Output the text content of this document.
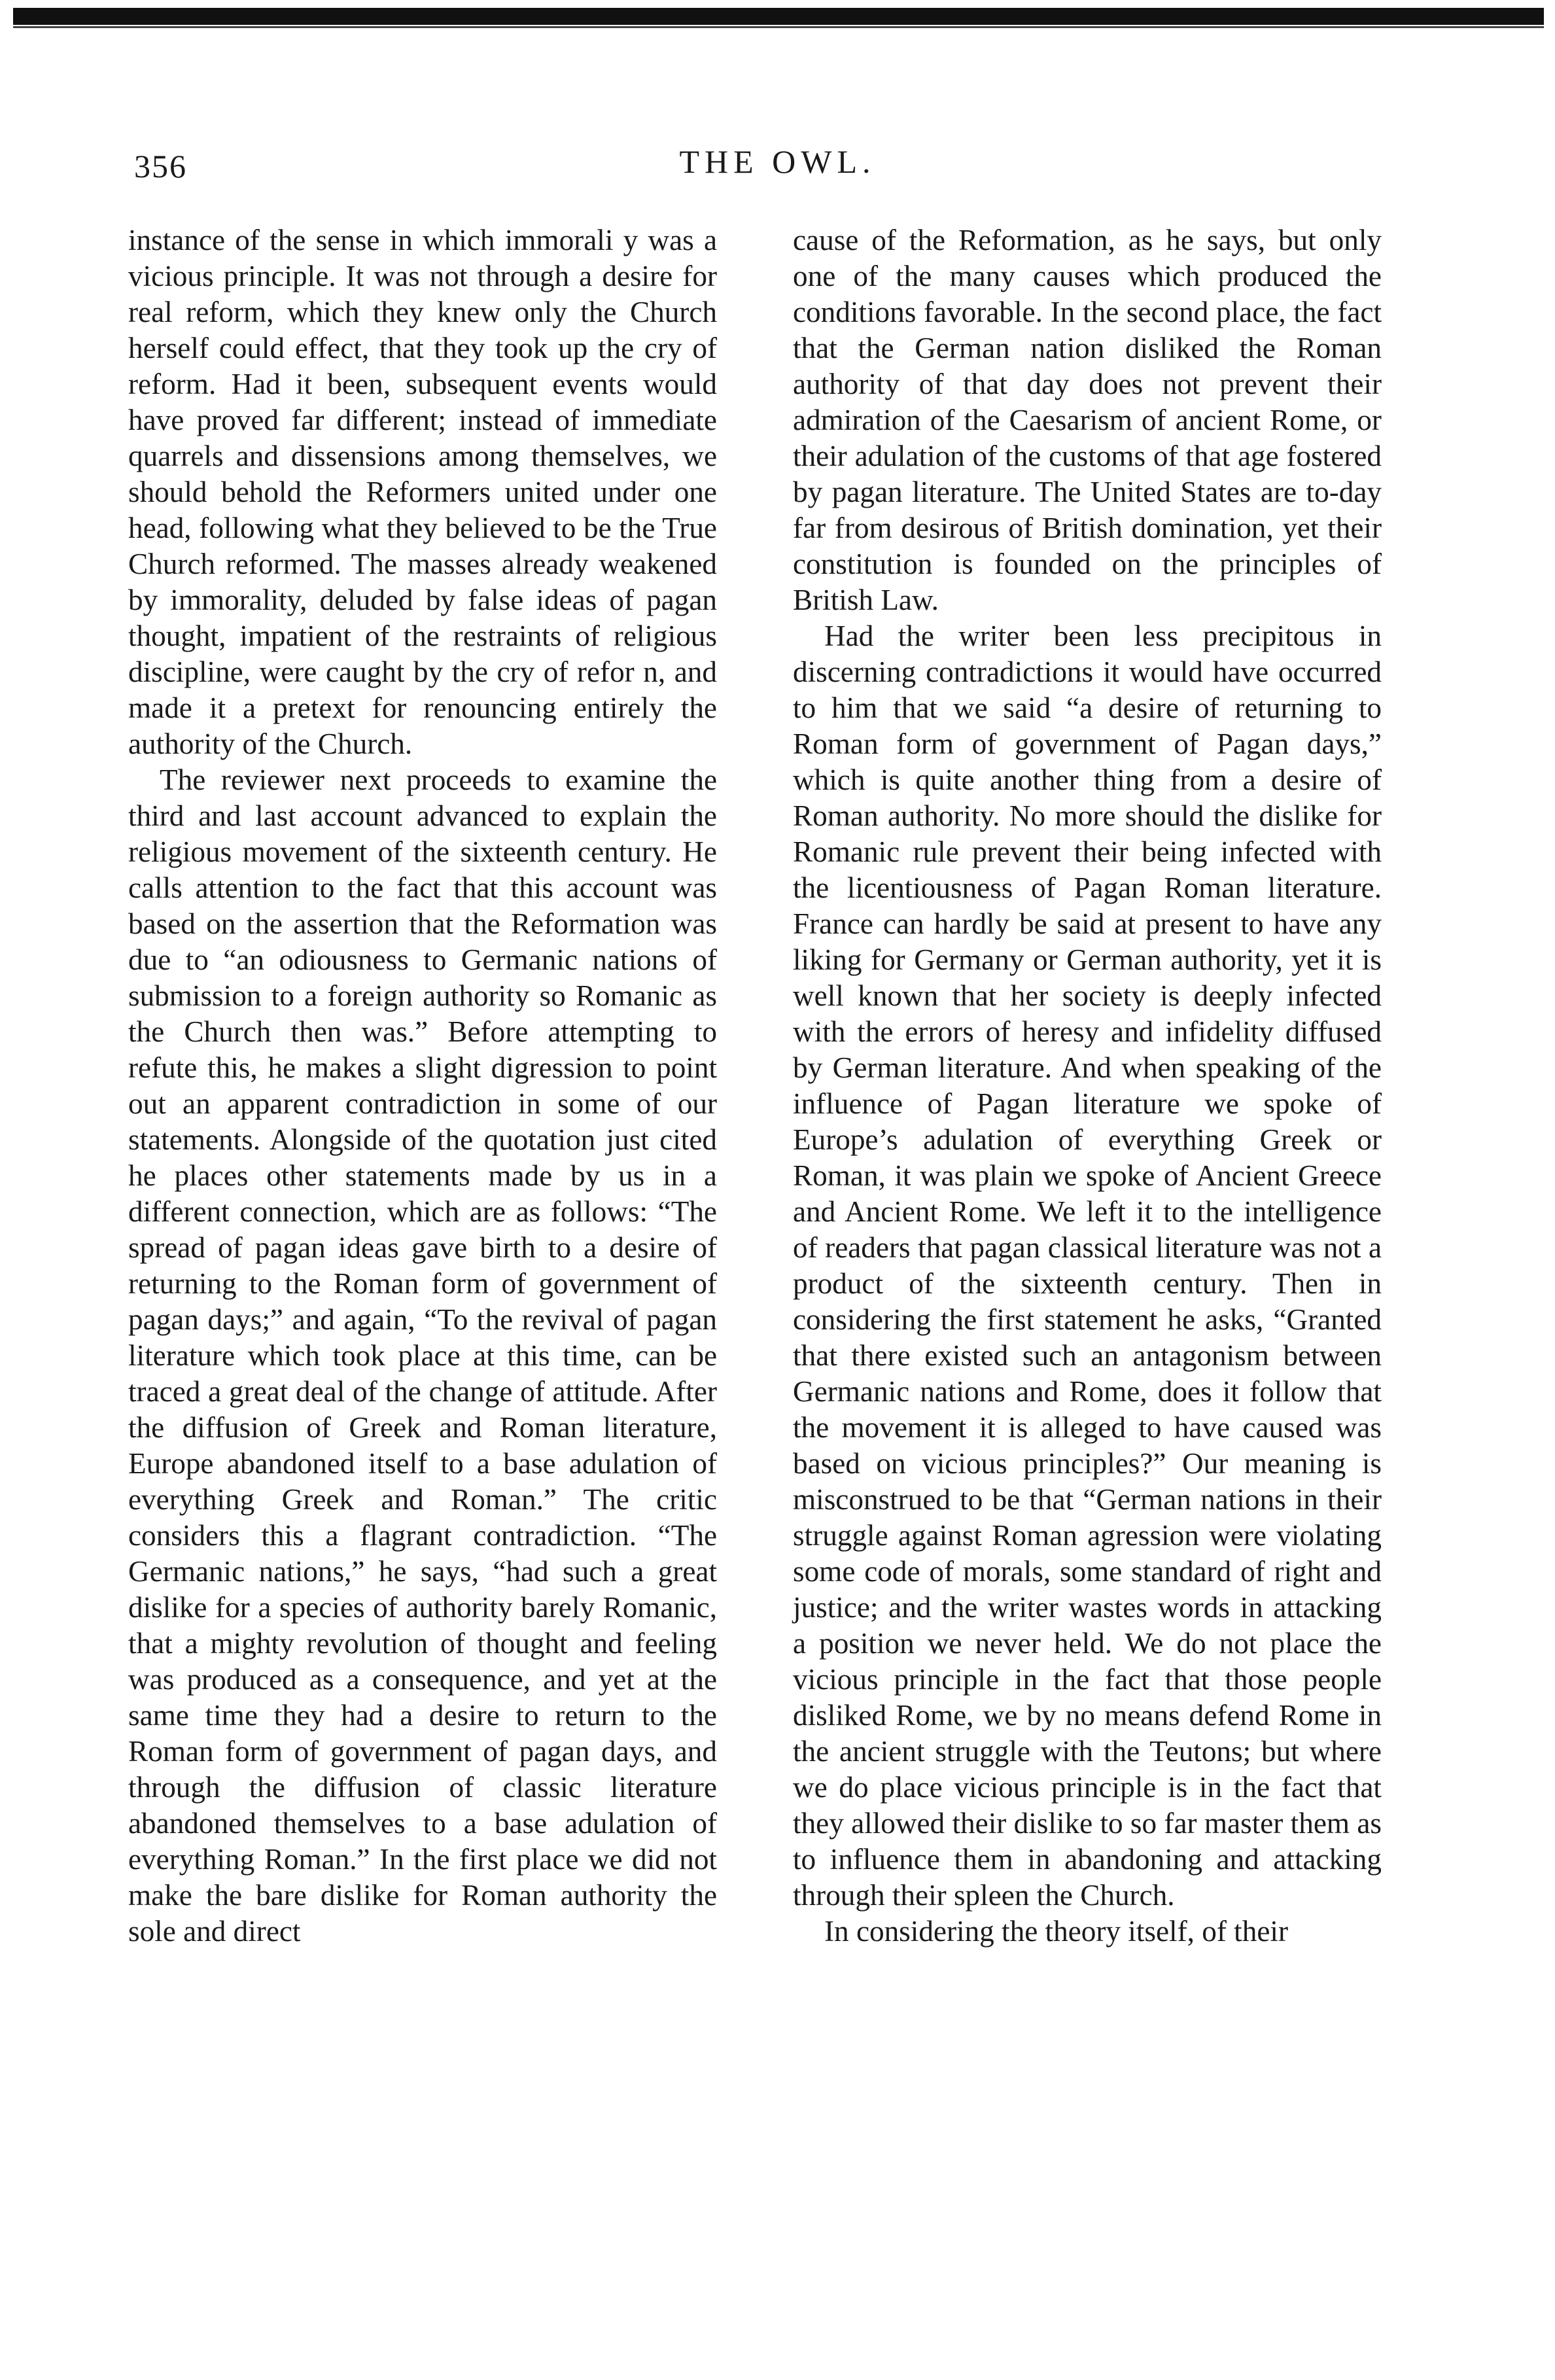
356	THE OWL.

instance of the sense in which immorali y was a vicious principle. It was not through a desire for real reform, which they knew only the Church herself could effect, that they took up the cry of reform. Had it been, subsequent events would have proved far different; instead of immediate quarrels and dissensions among themselves, we should behold the Reformers united under one head, following what they believed to be the True Church reformed. The masses already weakened by immorality, deluded by false ideas of pagan thought, impatient of the restraints of religious discipline, were caught by the cry of refor n, and made it a pretext for renouncing entirely the authority of the Church.

The reviewer next proceeds to examine the third and last account advanced to explain the religious movement of the sixteenth century. He calls attention to the fact that this account was based on the assertion that the Reformation was due to “an odiousness to Germanic nations of submission to a foreign authority so Romanic as the Church then was.” Before attempting to refute this, he makes a slight digression to point out an apparent contradiction in some of our statements. Alongside of the quotation just cited he places other statements made by us in a different connection, which are as follows: “The spread of pagan ideas gave birth to a desire of returning to the Roman form of government of pagan days;” and again, “To the revival of pagan literature which took place at this time, can be traced a great deal of the change of attitude. After the diffusion of Greek and Roman literature, Europe abandoned itself to a base adulation of everything Greek and Roman.” The critic considers this a flagrant contradiction. “The Germanic nations,” he says, “had such a great dislike for a species of authority barely Romanic, that a mighty revolution of thought and feeling was produced as a consequence, and yet at the same time they had a desire to return to the Roman form of government of pagan days, and through the diffusion of classic literature abandoned themselves to a base adulation of everything Roman.” In the first place we did not make the bare dislike for Roman authority the sole and direct

cause of the Reformation, as he says, but only one of the many causes which produced the conditions favorable. In the second place, the fact that the German nation disliked the Roman authority of that day does not prevent their admiration of the Caesarism of ancient Rome, or their adulation of the customs of that age fostered by pagan literature. The United States are to-day far from desirous of British domination, yet their constitution is founded on the principles of British Law.

Had the writer been less precipitous in discerning contradictions it would have occurred to him that we said “a desire of returning to Roman form of government of Pagan days,” which is quite another thing from a desire of Roman authority. No more should the dislike for Romanic rule prevent their being infected with the licentiousness of Pagan Roman literature. France can hardly be said at present to have any liking for Germany or German authority, yet it is well known that her society is deeply infected with the errors of heresy and infidelity diffused by German literature. And when speaking of the influence of Pagan literature we spoke of Europe’s adulation of everything Greek or Roman, it was plain we spoke of Ancient Greece and Ancient Rome. We left it to the intelligence of readers that pagan classical literature was not a product of the sixteenth century. Then in considering the first statement he asks, “Granted that there existed such an antagonism between Germanic nations and Rome, does it follow that the movement it is alleged to have caused was based on vicious principles?” Our meaning is misconstrued to be that “German nations in their struggle against Roman agression were violating some code of morals, some standard of right and justice; and the writer wastes words in attacking a position we never held. We do not place the vicious principle in the fact that those people disliked Rome, we by no means defend Rome in the ancient struggle with the Teutons; but where we do place vicious principle is in the fact that they allowed their dislike to so far master them as to influence them in abandoning and attacking through their spleen the Church.

In considering the theory itself, of their
